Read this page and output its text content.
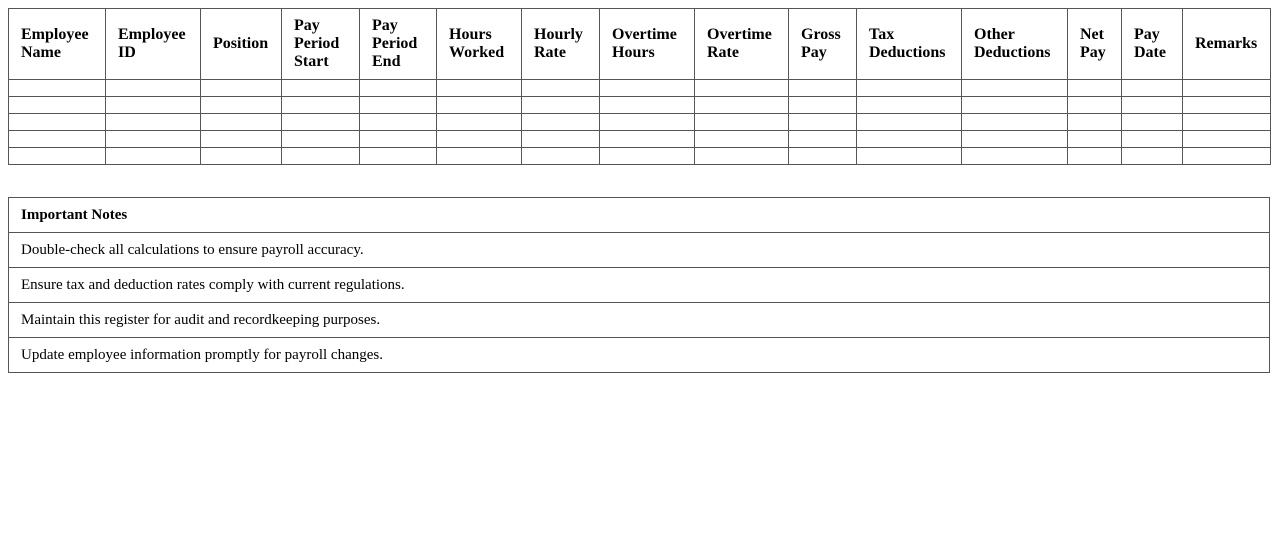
Employee Name	Employee ID	Position	Pay Period Start	Pay Period End	Hours Worked	Hourly Rate	Overtime Hours	Overtime Rate	Gross Pay	Tax Deductions	Other Deductions	Net Pay	Pay Date	Remarks

Important Notes
Double-check all calculations to ensure payroll accuracy.
Ensure tax and deduction rates comply with current regulations.
Maintain this register for audit and recordkeeping purposes.
Update employee information promptly for payroll changes.
